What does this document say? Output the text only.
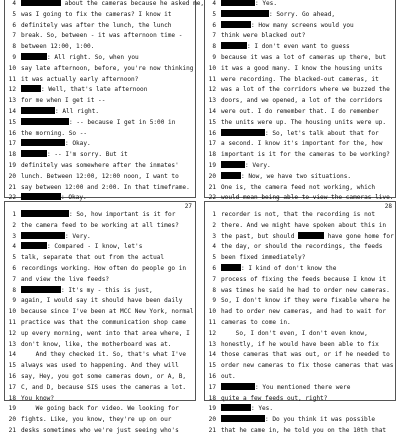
4	about the cameras because he asked me,
5 was I going to fix the cameras? I know it
6 definitely was after the lunch, the lunch
7 break. So, between - it was afternoon time -
8 between 12:00, 1:00.
9	: All right. So, when you
10 say late afternoon, before, you're now thinking
11 it was actually early afternoon?
12	: Well, that's late afternoon
13 for me when I get it --
14	: All right.
15	: -- because I get in 5:00 in
16 the morning. So --
17	: Okay.
18	: -- I'm sorry. But it
19 definitely was somewhere after the inmates'
20 lunch. Between 12:00, 12:00 noon, I want to
21 say between 12:00 and 2:00. In that timeframe.
22	: Okay.
4	: Yes.
5	: Sorry. Go ahead,
6	: How many screens would you
7 think were blacked out?
8	: I don't even want to guess
9 because it was a lot of cameras up there, but
10 it was a good many. I know the housing units
11 were recording. The blacked-out cameras, it
12 was a lot of the corridors where we buzzed the
13 doors, and we opened, a lot of the corridors
14 were out. I do remember that. I do remember
15 the units were up. The housing units were up.
16	: So, let's talk about that for
17 a second. I know it's important for the, how
18 important is it for the cameras to be working?
19	: Very.
20	: Now, we have two situations.
21 One is, the camera feed not working, which
22 would mean being able to view the cameras live.
27
1	: So, how important is it for
2 the camera feed to be working at all times?
3	: Very.
4	: Compared - I know, let's
5 talk, separate that out from the actual
6 recordings working. How often do people go in
7 and view the live feeds?
8	: It's my - this is just,
9 again, I would say it should have been daily
10 because since I've been at MCC New York, normal
11 practice was that the communication shop came
12 up every morning, went into that area where, I
13 don't know, like, the motherboard was at.
14 And they checked it. So, that's what I've
15 always was used to happening. And they will
16 say, Hey, you got some cameras down, or A, B,
17 C, and D, because SIS uses the cameras a lot.
18 You know?
19 We going back for video. We looking for
20 fights. Like, you know, they're up on our
21 desks sometimes who we're just seeing who's
28
1 recorder is not, that the recording is not
2 there. And we might have spoken about this in
3 the past, but should	have gone home for
4 the day, or should the recordings, the feeds
5 been fixed immediately?
6	: I kind of don't know the
7 process of fixing the feeds because I know it
8 was times he said he had to order new cameras.
9 So, I don't know if they were fixable where he
10 had to order new cameras, and had to wait for
11 cameras to come in.
12 So, I don't even, I don't even know,
13 honestly, if he would have been able to fix
14 those cameras that was out, or if he needed to
15 order new cameras to fix those cameras that was
16 out.
17	: You mentioned there were
18 quite a few feeds out, right?
19	: Yes.
20	: Do you think it was possible
21 that he came in, he told you on the 10th that
